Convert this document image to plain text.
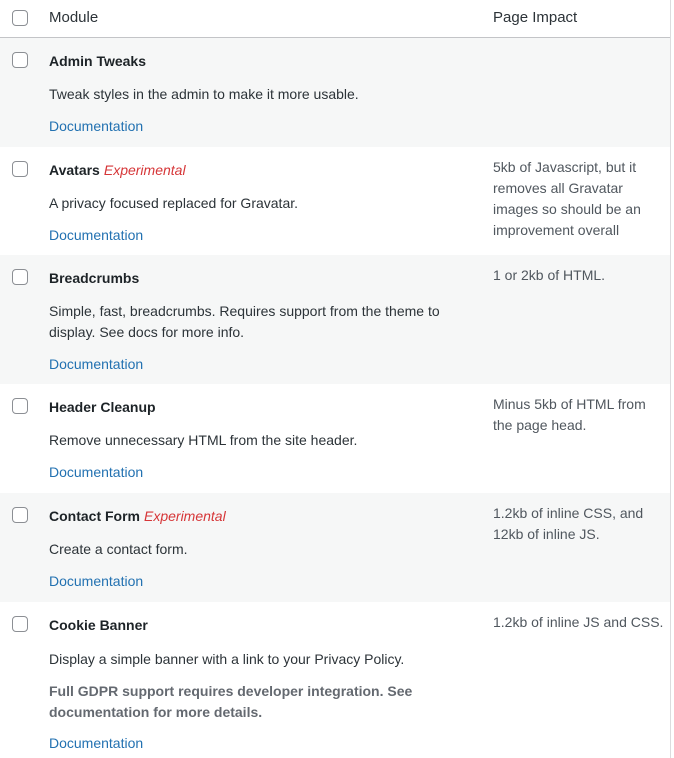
Module	Page Impact
Admin Tweaks
Tweak styles in the admin to make it more usable.
Documentation
Avatars Experimental
A privacy focused replaced for Gravatar.
Documentation
5kb of Javascript, but it removes all Gravatar images so should be an improvement overall
Breadcrumbs
Simple, fast, breadcrumbs. Requires support from the theme to display. See docs for more info.
Documentation
1 or 2kb of HTML.
Header Cleanup
Remove unnecessary HTML from the site header.
Documentation
Minus 5kb of HTML from the page head.
Contact Form Experimental
Create a contact form.
Documentation
1.2kb of inline CSS, and 12kb of inline JS.
Cookie Banner
Display a simple banner with a link to your Privacy Policy.
Full GDPR support requires developer integration. See documentation for more details.
Documentation
1.2kb of inline JS and CSS.
